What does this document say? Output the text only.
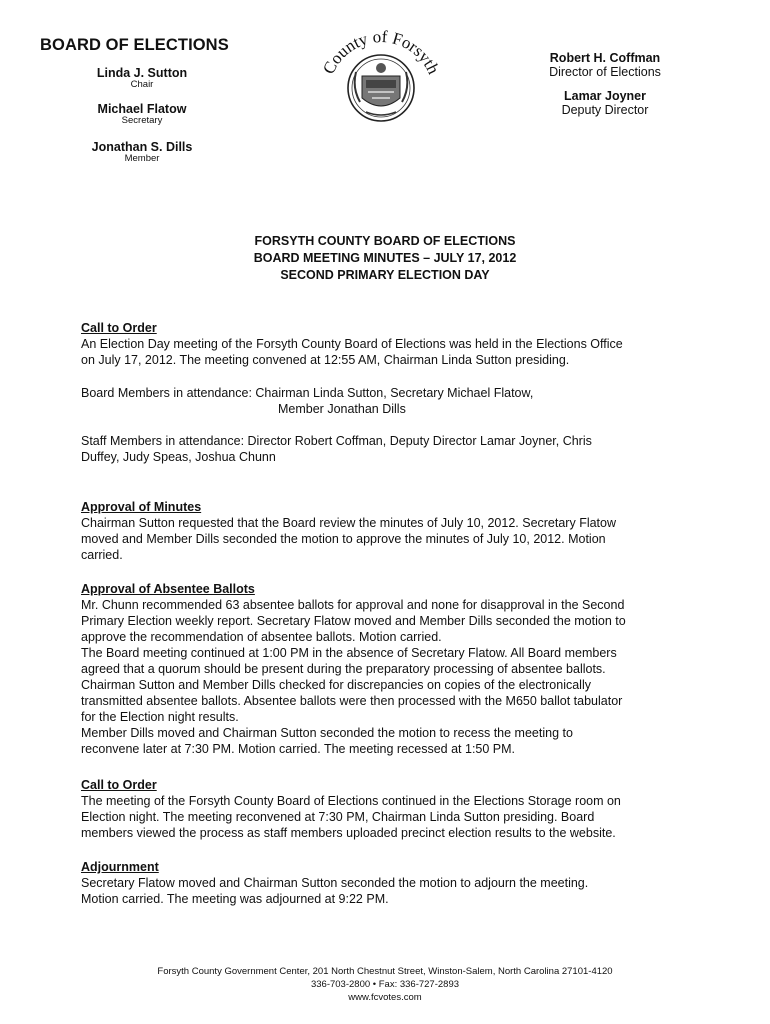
BOARD OF ELECTIONS
Linda J. Sutton
Chair
Michael Flatow
Secretary
Jonathan S. Dills
Member
County of Forsyth
Robert H. Coffman
Director of Elections
Lamar Joyner
Deputy Director
FORSYTH COUNTY BOARD OF ELECTIONS
BOARD MEETING MINUTES – JULY 17, 2012
SECOND PRIMARY ELECTION DAY
Call to Order
An Election Day meeting of the Forsyth County Board of Elections was held in the Elections Office
on July 17, 2012. The meeting convened at 12:55 AM, Chairman Linda Sutton presiding.
Board Members in attendance: Chairman Linda Sutton, Secretary Michael Flatow,
Member Jonathan Dills
Staff Members in attendance: Director Robert Coffman, Deputy Director Lamar Joyner, Chris
Duffey, Judy Speas, Joshua Chunn
Approval of Minutes
Chairman Sutton requested that the Board review the minutes of July 10, 2012. Secretary Flatow
moved and Member Dills seconded the motion to approve the minutes of July 10, 2012. Motion
carried.
Approval of Absentee Ballots
Mr. Chunn recommended 63 absentee ballots for approval and none for disapproval in the Second
Primary Election weekly report. Secretary Flatow moved and Member Dills seconded the motion to
approve the recommendation of absentee ballots. Motion carried.
The Board meeting continued at 1:00 PM in the absence of Secretary Flatow. All Board members
agreed that a quorum should be present during the preparatory processing of absentee ballots.
Chairman Sutton and Member Dills checked for discrepancies on copies of the electronically
transmitted absentee ballots. Absentee ballots were then processed with the M650 ballot tabulator
for the Election night results.
Member Dills moved and Chairman Sutton seconded the motion to recess the meeting to
reconvene later at 7:30 PM. Motion carried. The meeting recessed at 1:50 PM.
Call to Order
The meeting of the Forsyth County Board of Elections continued in the Elections Storage room on
Election night. The meeting reconvened at 7:30 PM, Chairman Linda Sutton presiding. Board
members viewed the process as staff members uploaded precinct election results to the website.
Adjournment
Secretary Flatow moved and Chairman Sutton seconded the motion to adjourn the meeting.
Motion carried. The meeting was adjourned at 9:22 PM.
Forsyth County Government Center, 201 North Chestnut Street, Winston-Salem, North Carolina 27101-4120
336-703-2800 • Fax: 336-727-2893
www.fcvotes.com
